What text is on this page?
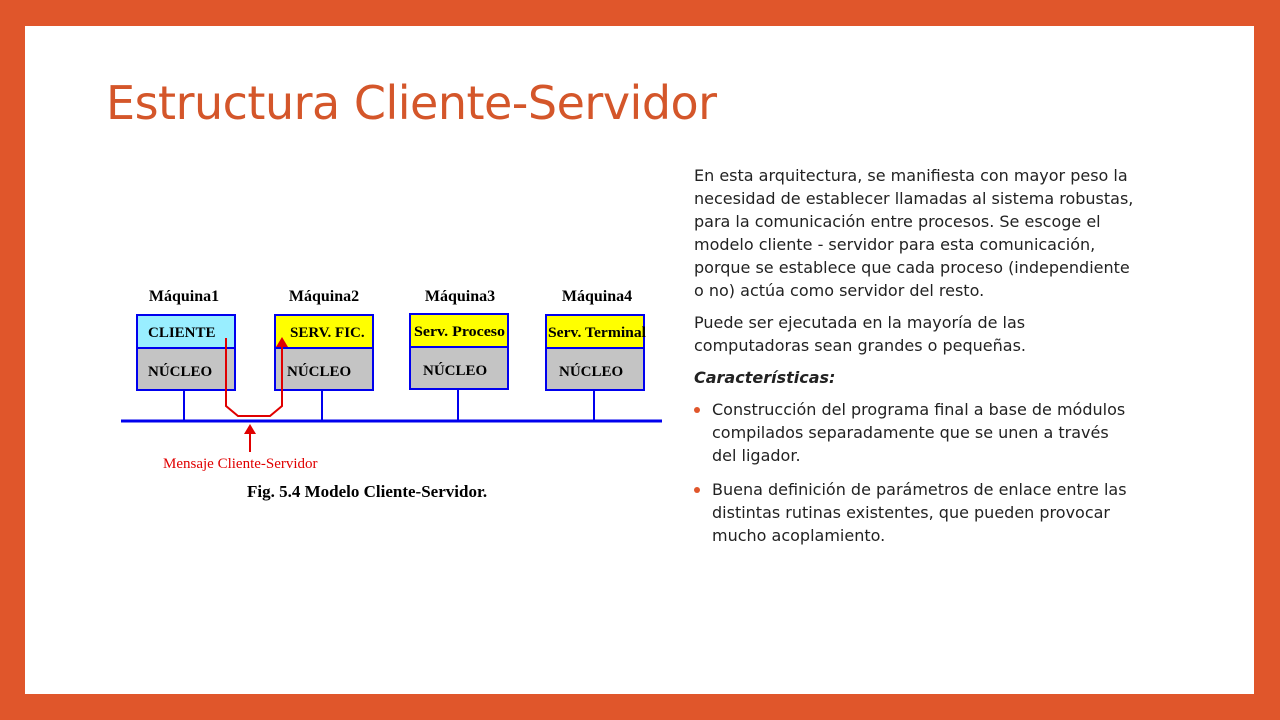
Estructura Cliente-Servidor
Máquina1	Máquina2	Máquina3	Máquina4
CLIENTE
NÚCLEO
SERV. FIC.
NÚCLEO
Serv. Proceso
NÚCLEO
Serv. Terminal
NÚCLEO
Mensaje Cliente-Servidor
Fig. 5.4 Modelo Cliente-Servidor.

En esta arquitectura, se manifiesta con mayor peso la necesidad de establecer llamadas al sistema robustas, para la comunicación entre procesos. Se escoge el modelo cliente - servidor para esta comunicación, porque se establece que cada proceso (independiente o no) actúa como servidor del resto.

Puede ser ejecutada en la mayoría de las computadoras sean grandes o pequeñas.

Características:

Construcción del programa final a base de módulos compilados separadamente que se unen a través del ligador.
Buena definición de parámetros de enlace entre las distintas rutinas existentes, que pueden provocar mucho acoplamiento.
